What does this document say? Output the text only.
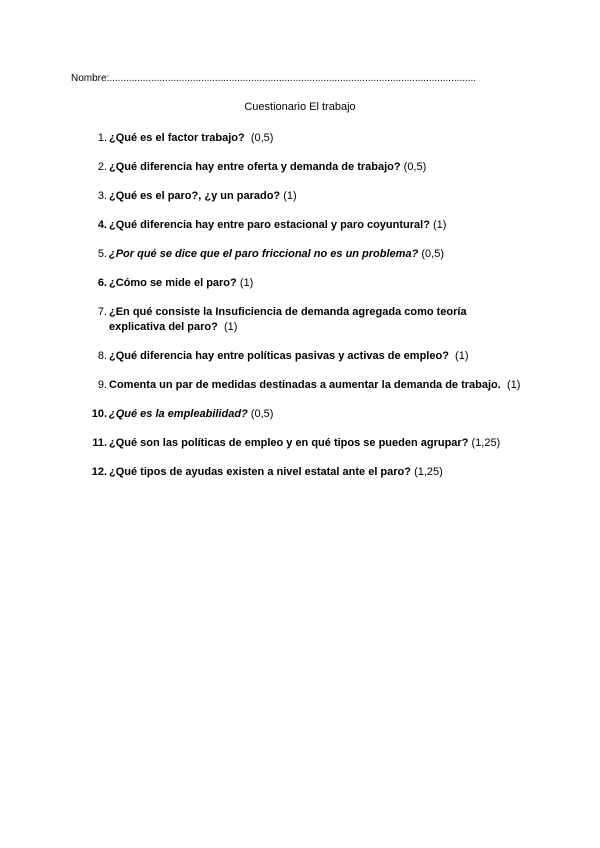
Nombre:....................................................................................................................................
Cuestionario El trabajo
1. ¿Qué es el factor trabajo? (0,5)
2. ¿Qué diferencia hay entre oferta y demanda de trabajo? (0,5)
3. ¿Qué es el paro?, ¿y un parado? (1)
4. ¿Qué diferencia hay entre paro estacional y paro coyuntural? (1)
5. ¿Por qué se dice que el paro friccional no es un problema? (0,5)
6. ¿Cómo se mide el paro? (1)
7. ¿En qué consiste la Insuficiencia de demanda agregada como teoría explicativa del paro? (1)
8. ¿Qué diferencia hay entre políticas pasivas y activas de empleo? (1)
9. Comenta un par de medidas destinadas a aumentar la demanda de trabajo. (1)
10. ¿Qué es la empleabilidad? (0,5)
11. ¿Qué son las políticas de empleo y en qué tipos se pueden agrupar? (1,25)
12. ¿Qué tipos de ayudas existen a nivel estatal ante el paro? (1,25)
